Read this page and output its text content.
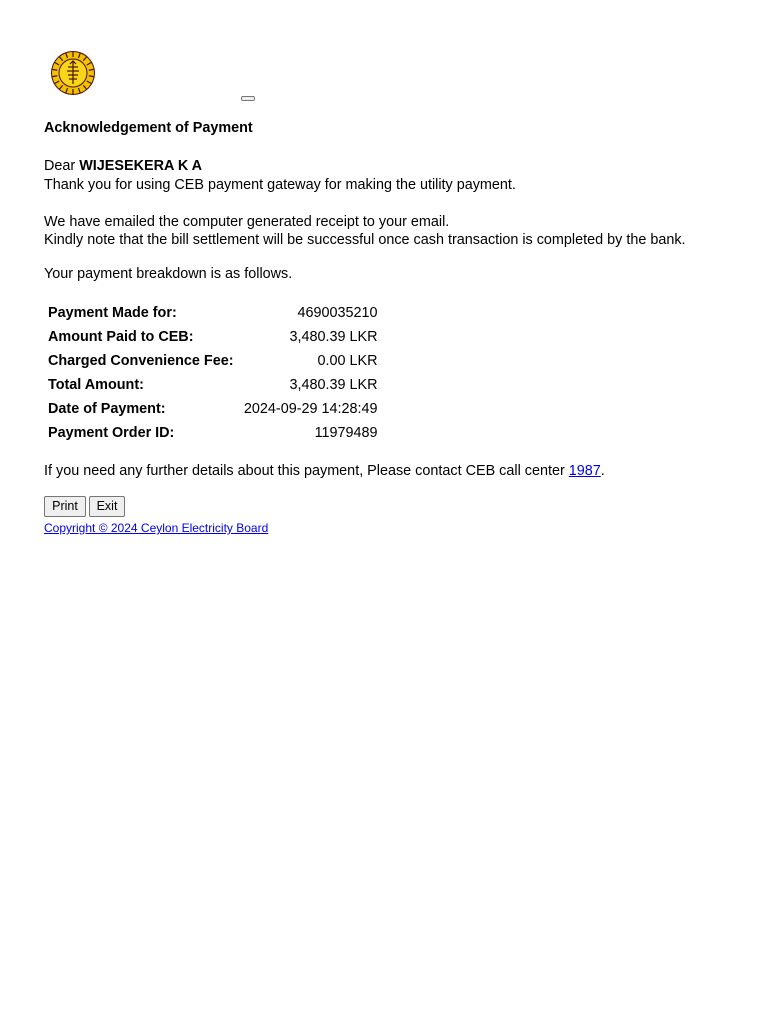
Acknowledgement of Payment

Dear WIJESEKERA K A

Thank you for using CEB payment gateway for making the utility payment.

We have emailed the computer generated receipt to your email.

Kindly note that the bill settlement will be successful once cash transaction is completed by the bank.

Your payment breakdown is as follows.

Payment Made for:	4690035210
Amount Paid to CEB:	3,480.39 LKR
Charged Convenience Fee:	0.00 LKR
Total Amount:	3,480.39 LKR
Date of Payment:	2024-09-29 14:28:49
Payment Order ID:	11979489

If you need any further details about this payment, Please contact CEB call center 1987.

Print	Exit
Copyright © 2024 Ceylon Electricity Board
